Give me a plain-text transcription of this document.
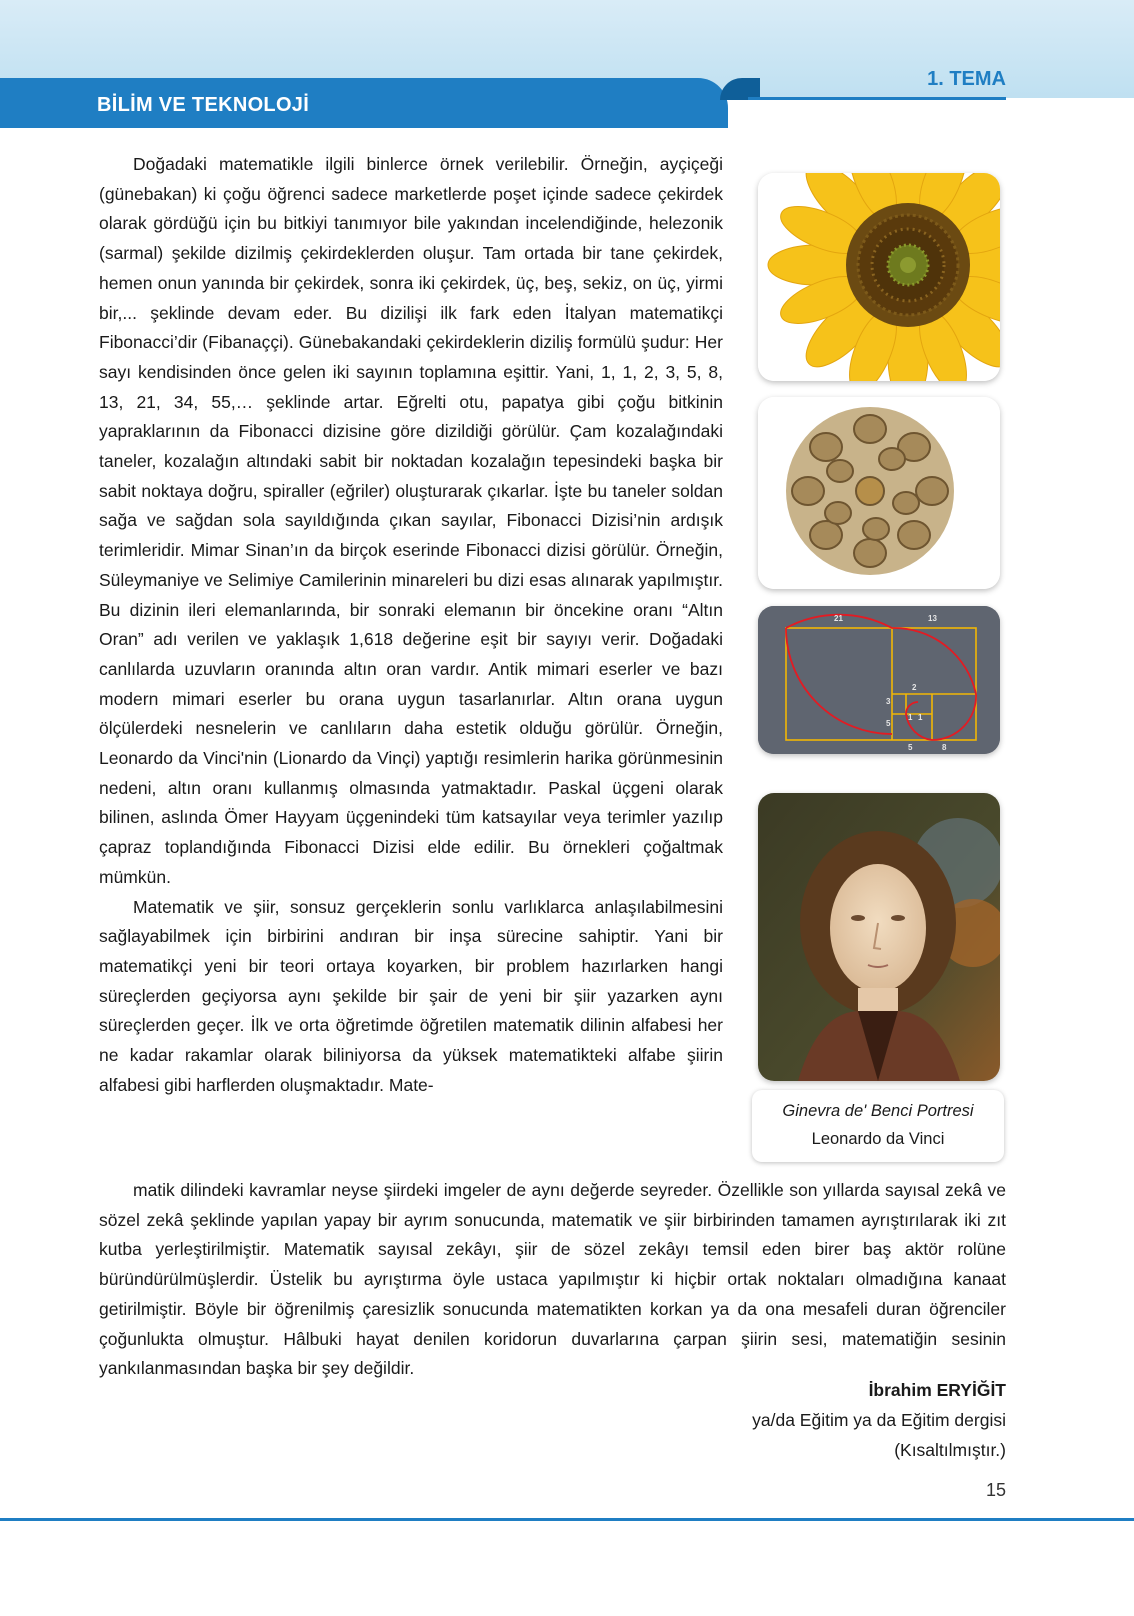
BİLİM VE TEKNOLOJİ
1. TEMA

Doğadaki matematikle ilgili binlerce örnek verilebilir. Örneğin, ayçiçeği (günebakan) ki çoğu öğrenci sadece marketlerde poşet içinde sadece çekirdek olarak gördüğü için bu bitkiyi tanımıyor bile yakından incelendiğinde, helezonik (sarmal) şekilde dizilmiş çekirdeklerden oluşur. Tam ortada bir tane çekirdek, hemen onun yanında bir çekirdek, sonra iki çekirdek, üç, beş, sekiz, on üç, yirmi bir,... şeklinde devam eder. Bu dizilişi ilk fark eden İtalyan matematikçi Fibonacci’dir (Fibanaççi). Günebakandaki çekirdeklerin diziliş formülü şudur: Her sayı kendisinden önce gelen iki sayının toplamına eşittir. Yani, 1, 1, 2, 3, 5, 8, 13, 21, 34, 55,… şeklinde artar. Eğrelti otu, papatya gibi çoğu bitkinin yapraklarının da Fibonacci dizisine göre dizildiği görülür. Çam kozalağındaki taneler, kozalağın altındaki sabit bir noktadan kozalağın tepesindeki başka bir sabit noktaya doğru, spiraller (eğriler) oluşturarak çıkarlar. İşte bu taneler soldan sağa ve sağdan sola sayıldığında çıkan sayılar, Fibonacci Dizisi’nin ardışık terimleridir. Mimar Sinan’ın da birçok eserinde Fibonacci dizisi görülür. Örneğin, Süleymaniye ve Selimiye Camilerinin minareleri bu dizi esas alınarak yapılmıştır. Bu dizinin ileri elemanlarında, bir sonraki elemanın bir öncekine oranı “Altın Oran” adı verilen ve yaklaşık 1,618 değerine eşit bir sayıyı verir. Doğadaki canlılarda uzuvların oranında altın oran vardır. Antik mimari eserler ve bazı modern mimari eserler bu orana uygun tasarlanırlar. Altın orana uygun ölçülerdeki nesnelerin ve canlıların daha estetik olduğu görülür. Örneğin, Leonardo da Vinci'nin (Lionardo da Vinçi) yaptığı resimlerin harika görünmesinin nedeni, altın oranı kullanmış olmasında yatmaktadır. Paskal üçgeni olarak bilinen, aslında Ömer Hayyam üçgenindeki tüm katsayılar veya terimler yazılıp çapraz toplandığında Fibonacci Dizisi elde edilir. Bu örnekleri çoğaltmak mümkün.

Matematik ve şiir, sonsuz gerçeklerin sonlu varlıklarca anlaşılabilmesini sağlayabilmek için birbirini andıran bir inşa sürecine sahiptir. Yani bir matematikçi yeni bir teori ortaya koyarken, bir problem hazırlarken hangi süreçlerden geçiyorsa aynı şekilde bir şair de yeni bir şiir yazarken aynı süreçlerden geçer. İlk ve orta öğretimde öğretilen matematik dilinin alfabesi her ne kadar rakamlar olarak biliniyorsa da yüksek matematikteki alfabe şiirin alfabesi gibi harflerden oluşmaktadır. Mate-

matik dilindeki kavramlar neyse şiirdeki imgeler de aynı değerde seyreder. Özellikle son yıllarda sayısal zekâ ve sözel zekâ şeklinde yapılan yapay bir ayrım sonucunda, matematik ve şiir birbirinden tamamen ayrıştırılarak iki zıt kutba yerleştirilmiştir. Matematik sayısal zekâyı, şiir de sözel zekâyı temsil eden birer baş aktör rolüne büründürülmüşlerdir. Üstelik bu ayrıştırma öyle ustaca yapılmıştır ki hiçbir ortak noktaları olmadığına kanaat getirilmiştir. Böyle bir öğrenilmiş çaresizlik sonucunda matematikten korkan ya da ona mesafeli duran öğrenciler çoğunlukta olmuştur. Hâlbuki hayat denilen koridorun duvarlarına çarpan şiirin sesi, matematiğin sesinin yankılanmasından başka bir şey değildir.

21	13
3
2
1 1
5
5	8
Ginevra de' Benci Portresi
Leonardo da Vinci
İbrahim ERYİĞİT
ya/da Eğitim ya da Eğitim dergisi
(Kısaltılmıştır.)
15
